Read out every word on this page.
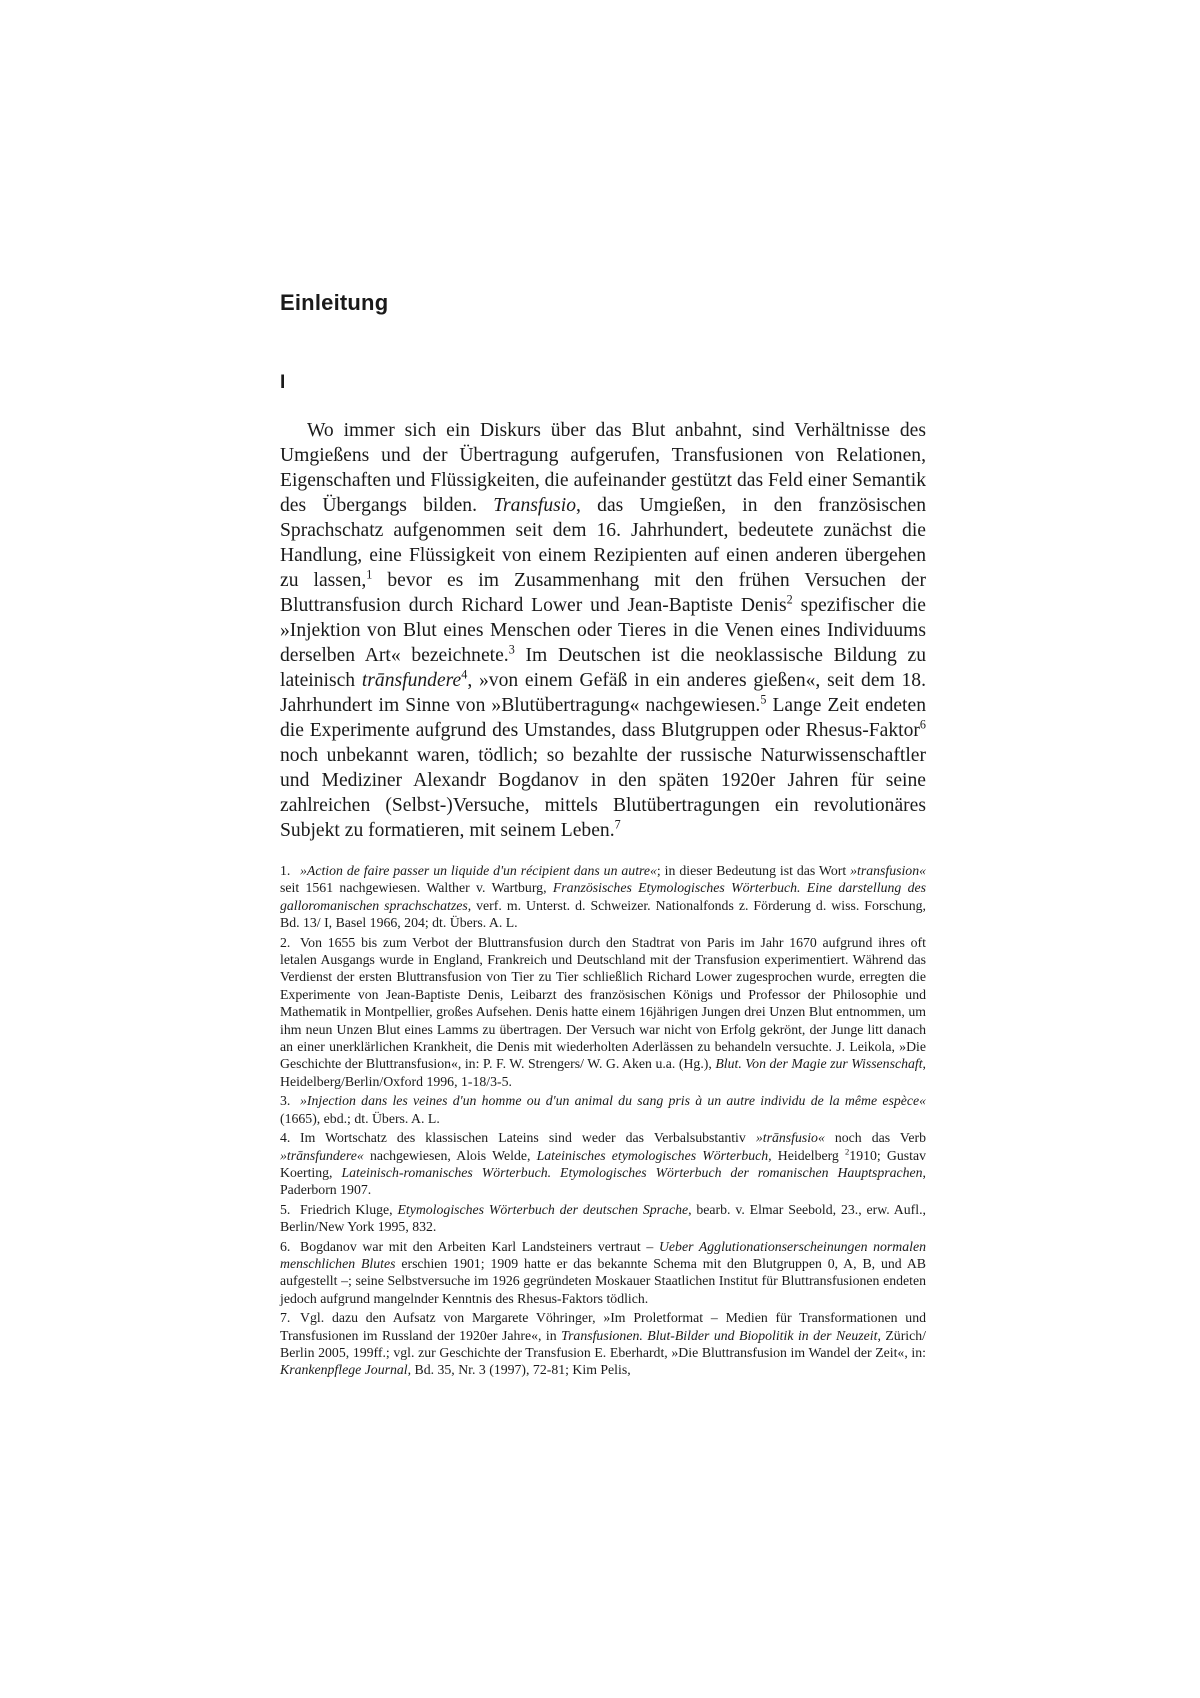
Einleitung
I

Wo immer sich ein Diskurs über das Blut anbahnt, sind Verhältnisse des Umgießens und der Übertragung aufgerufen, Transfusionen von Relationen, Eigenschaften und Flüssigkeiten, die aufeinander gestützt das Feld einer Semantik des Übergangs bilden. Transfusio, das Umgießen, in den französischen Sprachschatz aufgenommen seit dem 16. Jahrhundert, bedeutete zunächst die Handlung, eine Flüssigkeit von einem Rezipienten auf einen anderen übergehen zu lassen,$^1$ bevor es im Zusammenhang mit den frühen Versuchen der Bluttransfusion durch Richard Lower und Jean-Baptiste Denis$^2$ spezifischer die »Injektion von Blut eines Menschen oder Tieres in die Venen eines Individuums derselben Art« bezeichnete.$^3$ Im Deutschen ist die neoklassische Bildung zu lateinisch trānsfundere$^4$, »von einem Gefäß in ein anderes gießen«, seit dem 18. Jahrhundert im Sinne von »Blutübertragung« nachgewiesen.$^5$ Lange Zeit endeten die Experimente aufgrund des Umstandes, dass Blutgruppen oder Rhesus-Faktor$^6$ noch unbekannt waren, tödlich; so bezahlte der russische Naturwissenschaftler und Mediziner Alexandr Bogdanov in den späten 1920er Jahren für seine zahlreichen (Selbst-)Versuche, mittels Blutübertragungen ein revolutionäres Subjekt zu formatieren, mit seinem Leben.$^7$

1. »Action de faire passer un liquide d'un récipient dans un autre«; in dieser Bedeutung ist das Wort »transfusion« seit 1561 nachgewiesen. Walther v. Wartburg, Französisches Etymologisches Wörterbuch. Eine darstellung des galloromanischen sprachschatzes, verf. m. Unterst. d. Schweizer. Nationalfonds z. Förderung d. wiss. Forschung, Bd. 13/ I, Basel 1966, 204; dt. Übers. A. L.

2. Von 1655 bis zum Verbot der Bluttransfusion durch den Stadtrat von Paris im Jahr 1670 aufgrund ihres oft letalen Ausgangs wurde in England, Frankreich und Deutschland mit der Transfusion experimentiert. Während das Verdienst der ersten Bluttransfusion von Tier zu Tier schließlich Richard Lower zugesprochen wurde, erregten die Experimente von Jean-Baptiste Denis, Leibarzt des französischen Königs und Professor der Philosophie und Mathematik in Montpellier, großes Aufsehen. Denis hatte einem 16jährigen Jungen drei Unzen Blut entnommen, um ihm neun Unzen Blut eines Lamms zu übertragen. Der Versuch war nicht von Erfolg gekrönt, der Junge litt danach an einer unerklärlichen Krankheit, die Denis mit wiederholten Aderlässen zu behandeln versuchte. J. Leikola, »Die Geschichte der Bluttransfusion«, in: P. F. W. Strengers/ W. G. Aken u.a. (Hg.), Blut. Von der Magie zur Wissenschaft, Heidelberg/Berlin/Oxford 1996, 1-18/3-5.

3. »Injection dans les veines d'un homme ou d'un animal du sang pris à un autre individu de la même espèce« (1665), ebd.; dt. Übers. A. L.

4. Im Wortschatz des klassischen Lateins sind weder das Verbalsubstantiv »trānsfusio« noch das Verb »trānsfundere« nachgewiesen, Alois Welde, Lateinisches etymologisches Wörterbuch, Heidelberg $^2$1910; Gustav Koerting, Lateinisch-romanisches Wörterbuch. Etymologisches Wörterbuch der romanischen Hauptsprachen, Paderborn 1907.

5. Friedrich Kluge, Etymologisches Wörterbuch der deutschen Sprache, bearb. v. Elmar Seebold, 23., erw. Aufl., Berlin/New York 1995, 832.

6. Bogdanov war mit den Arbeiten Karl Landsteiners vertraut – Ueber Agglutionationserscheinungen normalen menschlichen Blutes erschien 1901; 1909 hatte er das bekannte Schema mit den Blutgruppen 0, A, B, und AB aufgestellt –; seine Selbstversuche im 1926 gegründeten Moskauer Staatlichen Institut für Bluttransfusionen endeten jedoch aufgrund mangelnder Kenntnis des Rhesus-Faktors tödlich.

7. Vgl. dazu den Aufsatz von Margarete Vöhringer, »Im Proletformat – Medien für Transformationen und Transfusionen im Russland der 1920er Jahre«, in Transfusionen. Blut-Bilder und Biopolitik in der Neuzeit, Zürich/ Berlin 2005, 199ff.; vgl. zur Geschichte der Transfusion E. Eberhardt, »Die Bluttransfusion im Wandel der Zeit«, in: Krankenpflege Journal, Bd. 35, Nr. 3 (1997), 72-81; Kim Pelis,
